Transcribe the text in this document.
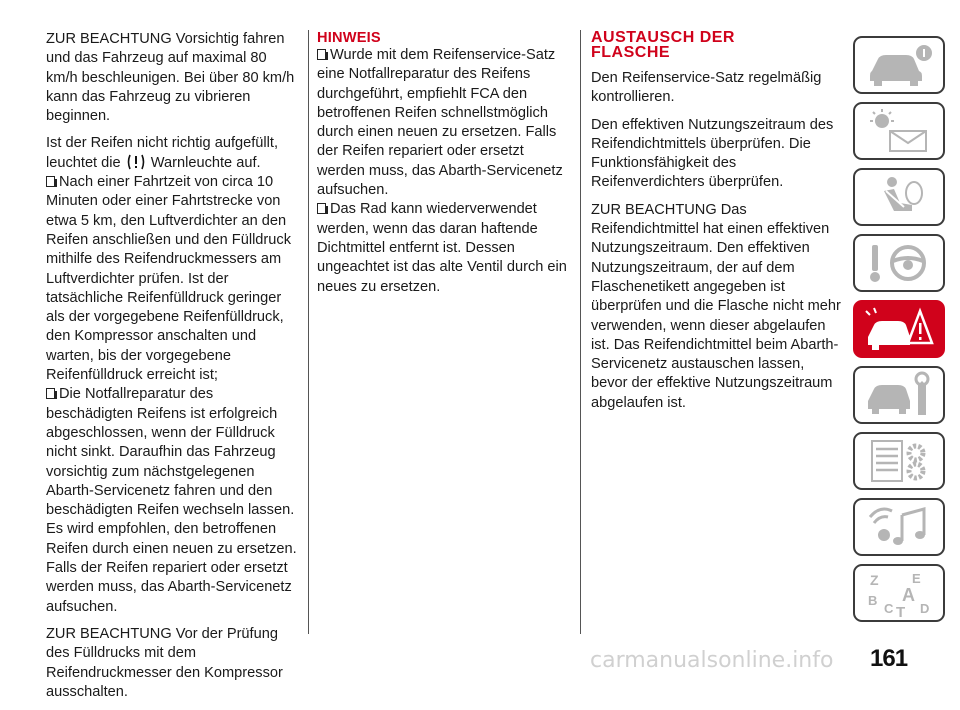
ZUR BEACHTUNG Vorsichtig fahren und das Fahrzeug auf maximal 80 km/h beschleunigen. Bei über 80 km/h kann das Fahrzeug zu vibrieren beginnen.

Ist der Reifen nicht richtig aufgefüllt, leuchtet die Warnleuchte auf.

Nach einer Fahrtzeit von circa 10 Minuten oder einer Fahrtstrecke von etwa 5 km, den Luftverdichter an den Reifen anschließen und den Fülldruck mithilfe des Reifendruckmessers am Luftverdichter prüfen. Ist der tatsächliche Reifenfülldruck geringer als der vorgegebene Reifenfülldruck, den Kompressor anschalten und warten, bis der vorgegebene Reifenfülldruck erreicht ist;

Die Notfallreparatur des beschädigten Reifens ist erfolgreich abgeschlossen, wenn der Fülldruck nicht sinkt. Daraufhin das Fahrzeug vorsichtig zum nächstgelegenen Abarth-Servicenetz fahren und den beschädigten Reifen wechseln lassen. Es wird empfohlen, den betroffenen Reifen durch einen neuen zu ersetzen. Falls der Reifen repariert oder ersetzt werden muss, das Abarth-Servicenetz aufsuchen.

ZUR BEACHTUNG Vor der Prüfung des Fülldrucks mit dem Reifendruckmesser den Kompressor ausschalten.

HINWEIS

Wurde mit dem Reifenservice-Satz eine Notfallreparatur des Reifens durchgeführt, empfiehlt FCA den betroffenen Reifen schnellstmöglich durch einen neuen zu ersetzen. Falls der Reifen repariert oder ersetzt werden muss, das Abarth-Servicenetz aufsuchen.

Das Rad kann wiederverwendet werden, wenn das daran haftende Dichtmittel entfernt ist. Dessen ungeachtet ist das alte Ventil durch ein neues zu ersetzen.

AUSTAUSCH DER
FLASCHE

Den Reifenservice-Satz regelmäßig kontrollieren.

Den effektiven Nutzungszeitraum des Reifendichtmittels überprüfen. Die Funktionsfähigkeit des Reifenverdichters überprüfen.

ZUR BEACHTUNG Das Reifendichtmittel hat einen effektiven Nutzungszeitraum. Den effektiven Nutzungszeitraum, der auf dem Flaschenetikett angegeben ist überprüfen und die Flasche nicht mehr verwenden, wenn dieser abgelaufen ist. Das Reifendichtmittel beim Abarth-Servicenetz austauschen lassen, bevor der effektive Nutzungszeitraum abgelaufen ist.

Z	E
A
B
C T D
carmanualsonline.info 161
